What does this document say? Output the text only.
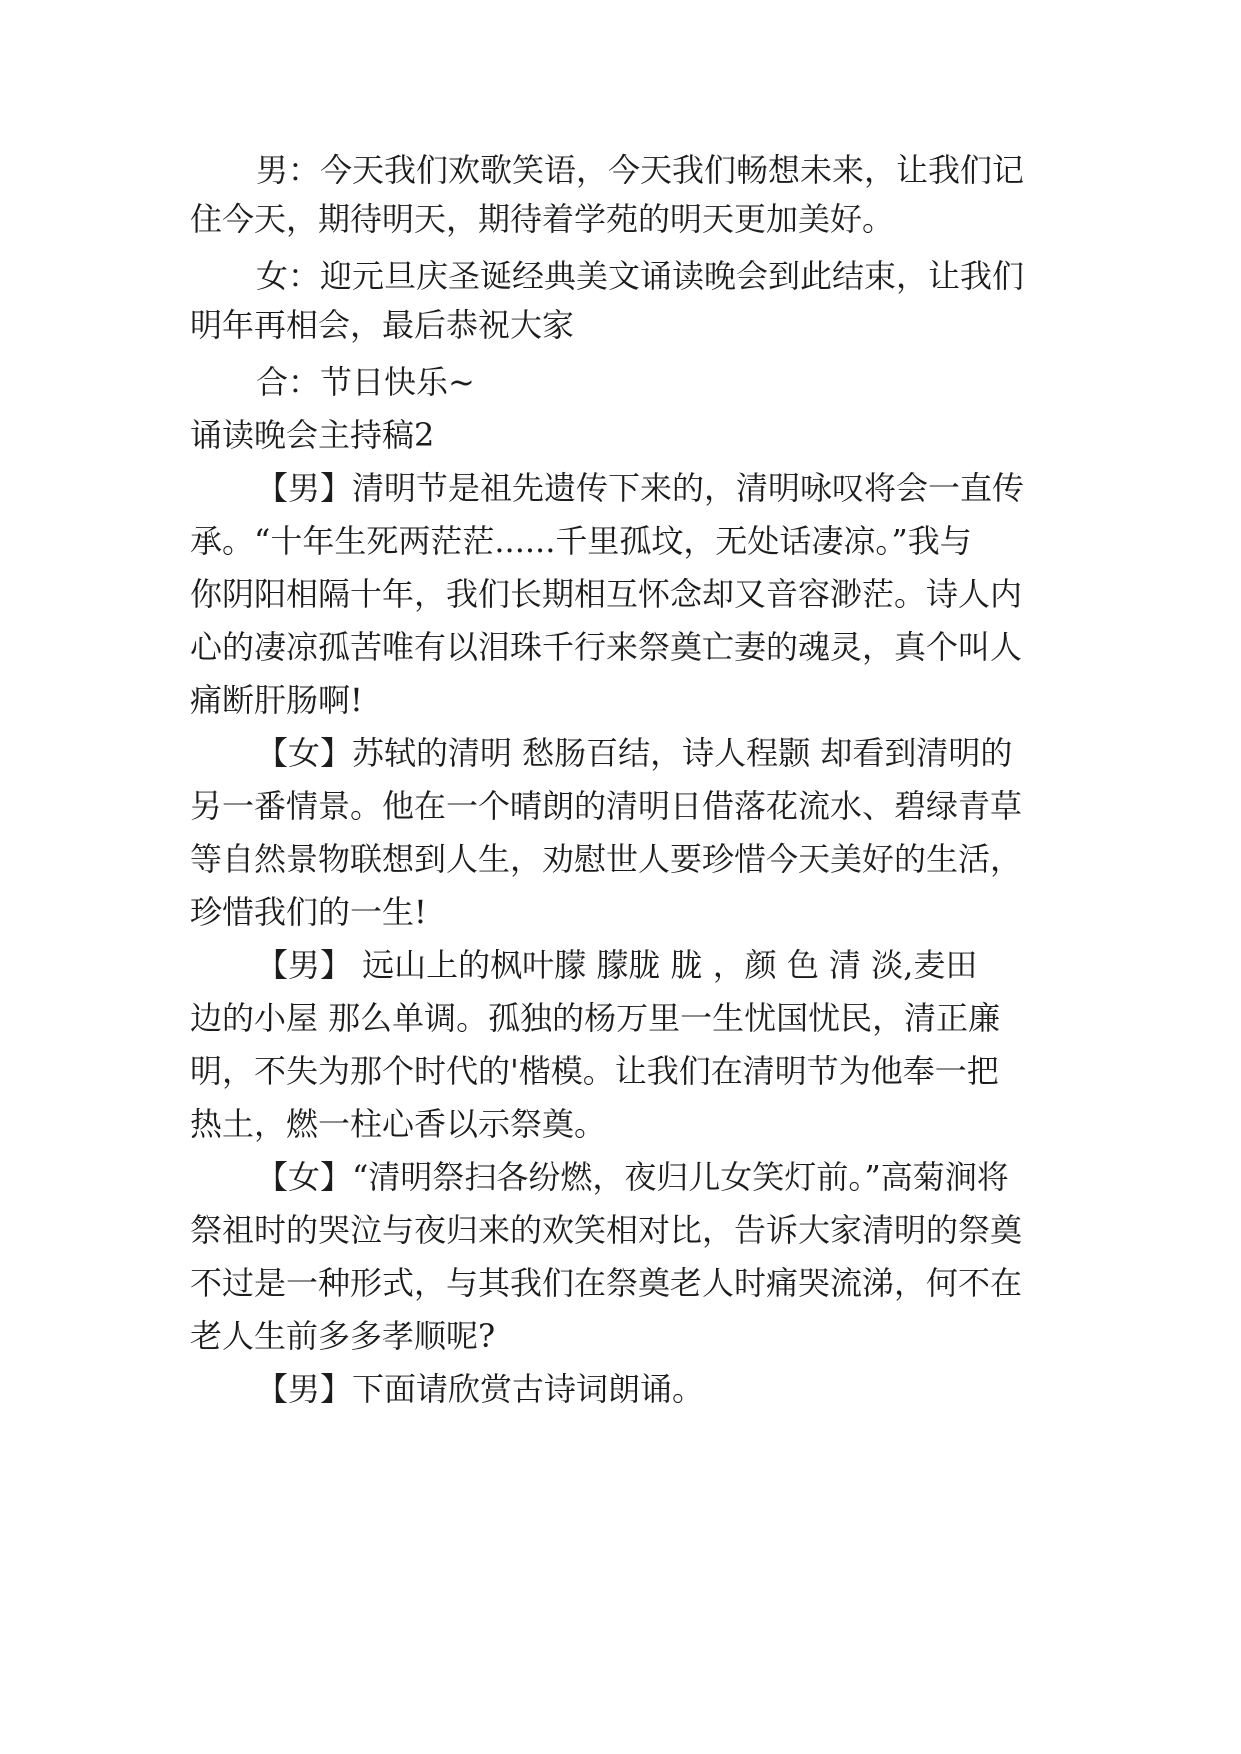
男：今天我们欢歌笑语，今天我们畅想未来，让我们记
住今天，期待明天，期待着学苑的明天更加美好。
女：迎元旦庆圣诞经典美文诵读晚会到此结束，让我们
明年再相会，最后恭祝大家
合：节日快乐~
诵读晚会主持稿2
【男】清明节是祖先遗传下来的，清明咏叹将会一直传
承。“十年生死两茫茫......千里孤坟，无处话凄凉。”我与
你阴阳相隔十年，我们长期相互怀念却又音容渺茫。诗人内
心的凄凉孤苦唯有以泪珠千行来祭奠亡妻的魂灵，真个叫人
痛断肝肠啊!
【女】苏轼的清明 愁肠百结，诗人程颢 却看到清明的
另一番情景。他在一个晴朗的清明日借落花流水、碧绿青草
等自然景物联想到人生，劝慰世人要珍惜今天美好的生活，
珍惜我们的一生!
【男】 远山上的枫叶朦 朦胧 胧 ，颜 色 清 淡,麦田
边的小屋 那么单调。孤独的杨万里一生忧国忧民，清正廉
明，不失为那个时代的'楷模。让我们在清明节为他奉一把
热土，燃一柱心香以示祭奠。
【女】“清明祭扫各纷燃，夜归儿女笑灯前。”高菊涧将
祭祖时的哭泣与夜归来的欢笑相对比，告诉大家清明的祭奠
不过是一种形式，与其我们在祭奠老人时痛哭流涕，何不在
老人生前多多孝顺呢?
【男】下面请欣赏古诗词朗诵。
